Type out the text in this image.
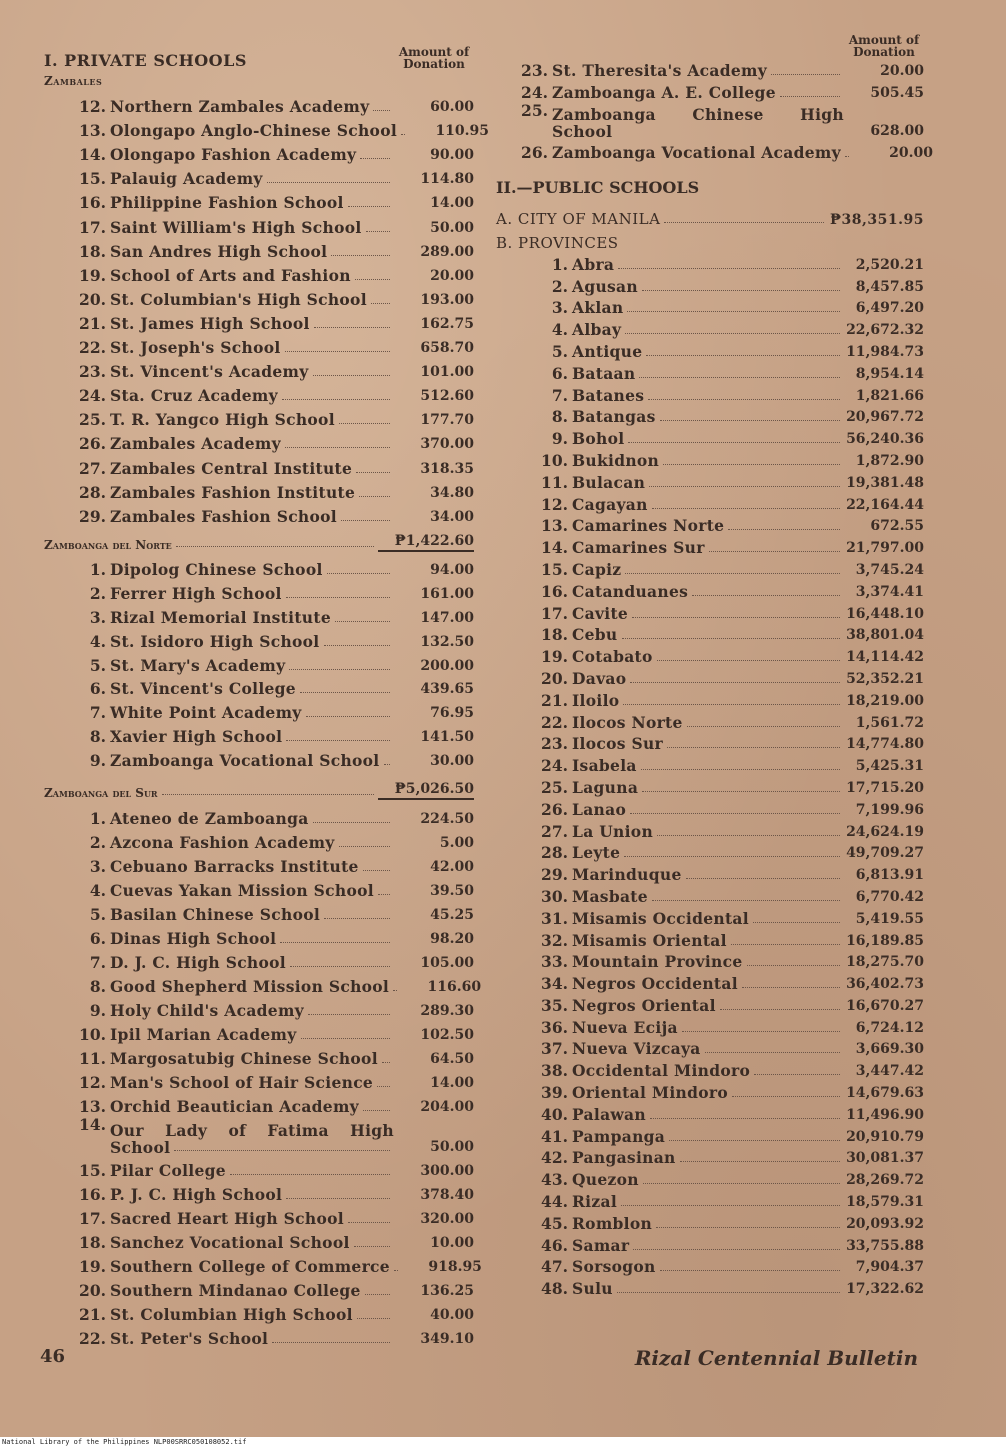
I. PRIVATE SCHOOLS	Amount of
Donation
Zambales
12. Northern Zambales Academy	60.00
13. Olongapo Anglo-Chinese School	110.95
14. Olongapo Fashion Academy	90.00
15. Palauig Academy	114.80
16. Philippine Fashion School	14.00
17. Saint William's High School	50.00
18. San Andres High School	289.00
19. School of Arts and Fashion	20.00
20. St. Columbian's High School	193.00
21. St. James High School	162.75
22. St. Joseph's School	658.70
23. St. Vincent's Academy	101.00
24. Sta. Cruz Academy	512.60
25. T. R. Yangco High School	177.70
26. Zambales Academy	370.00
27. Zambales Central Institute	318.35
28. Zambales Fashion Institute	34.80
29. Zambales Fashion School	34.00
Zamboanga del Norte	₱1,422.60
1. Dipolog Chinese School	94.00
2. Ferrer High School	161.00
3. Rizal Memorial Institute	147.00
4. St. Isidoro High School	132.50
5. St. Mary's Academy	200.00
6. St. Vincent's College	439.65
7. White Point Academy	76.95
8. Xavier High School	141.50
9. Zamboanga Vocational School	30.00
Zamboanga del Sur	₱5,026.50
1. Ateneo de Zamboanga	224.50
2. Azcona Fashion Academy	5.00
3. Cebuano Barracks Institute	42.00
4. Cuevas Yakan Mission School	39.50
5. Basilan Chinese School	45.25
6. Dinas High School	98.20
7. D. J. C. High School	105.00
8. Good Shepherd Mission School	116.60
9. Holy Child's Academy	289.30
10. Ipil Marian Academy	102.50
11. Margosatubig Chinese School	64.50
12. Man's School of Hair Science	14.00
13. Orchid Beautician Academy	204.00
14. Our Lady of Fatima High
School	50.00
15. Pilar College	300.00
16. P. J. C. High School	378.40
17. Sacred Heart High School	320.00
18. Sanchez Vocational School	10.00
19. Southern College of Commerce	918.95
20. Southern Mindanao College	136.25
21. St. Columbian High School	40.00
22. St. Peter's School	349.10
Amount of
Donation
23. St. Theresita's Academy	20.00
24. Zamboanga A. E. College	505.45
25. Zamboanga Chinese High
School	628.00
26. Zamboanga Vocational Academy	20.00
II.—PUBLIC SCHOOLS
A. CITY OF MANILA	₱38,351.95
B. PROVINCES
1. Abra	2,520.21
2. Agusan	8,457.85
3. Aklan	6,497.20
4. Albay	22,672.32
5. Antique	11,984.73
6. Bataan	8,954.14
7. Batanes	1,821.66
8. Batangas	20,967.72
9. Bohol	56,240.36
10. Bukidnon	1,872.90
11. Bulacan	19,381.48
12. Cagayan	22,164.44
13. Camarines Norte	672.55
14. Camarines Sur	21,797.00
15. Capiz	3,745.24
16. Catanduanes	3,374.41
17. Cavite	16,448.10
18. Cebu	38,801.04
19. Cotabato	14,114.42
20. Davao	52,352.21
21. Iloilo	18,219.00
22. Ilocos Norte	1,561.72
23. Ilocos Sur	14,774.80
24. Isabela	5,425.31
25. Laguna	17,715.20
26. Lanao	7,199.96
27. La Union	24,624.19
28. Leyte	49,709.27
29. Marinduque	6,813.91
30. Masbate	6,770.42
31. Misamis Occidental	5,419.55
32. Misamis Oriental	16,189.85
33. Mountain Province	18,275.70
34. Negros Occidental	36,402.73
35. Negros Oriental	16,670.27
36. Nueva Ecija	6,724.12
37. Nueva Vizcaya	3,669.30
38. Occidental Mindoro	3,447.42
39. Oriental Mindoro	14,679.63
40. Palawan	11,496.90
41. Pampanga	20,910.79
42. Pangasinan	30,081.37
43. Quezon	28,269.72
44. Rizal	18,579.31
45. Romblon	20,093.92
46. Samar	33,755.88
47. Sorsogon	7,904.37
48. Sulu	17,322.62
46	Rizal Centennial Bulletin
National Library of the Philippines NLP00SRRC050108052.tif
